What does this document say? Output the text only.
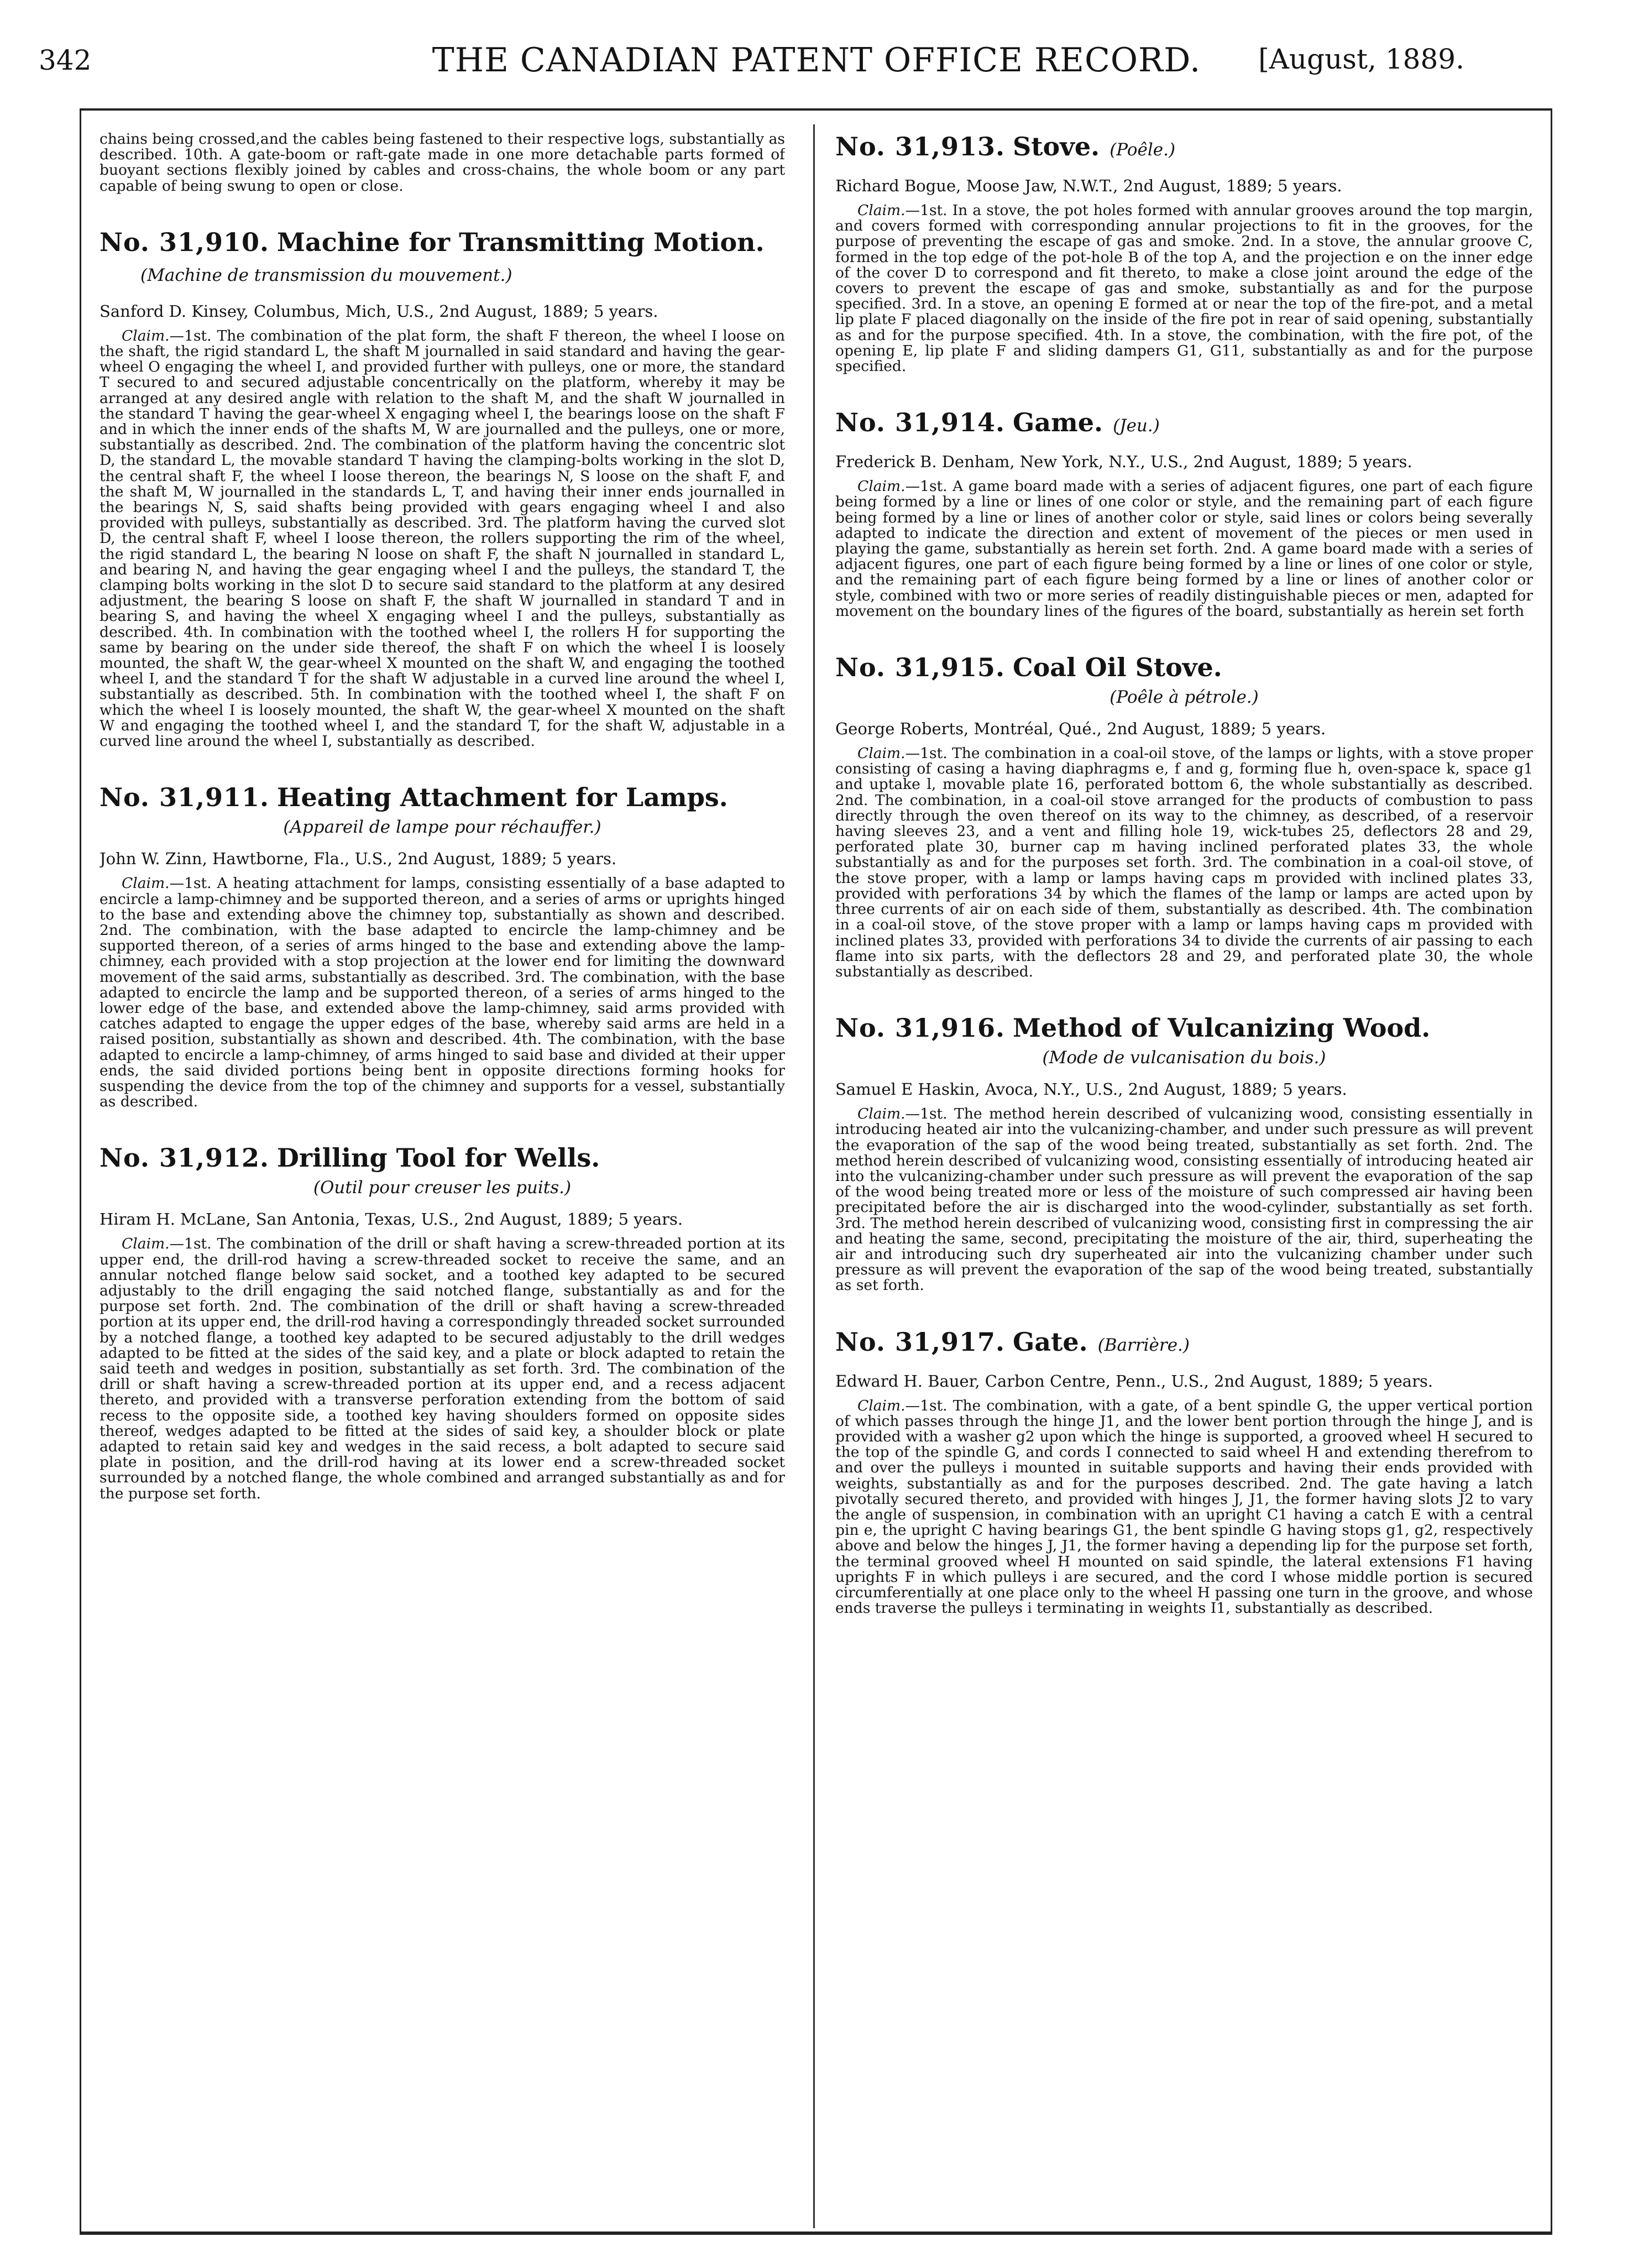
342	THE CANADIAN PATENT OFFICE RECORD.	[August, 1889.

chains being crossed,and the cables being fastened to their respective logs, substantially as described. 10th. A gate-boom or raft-gate made in one more detachable parts formed of buoyant sections flexibly joined by cables and cross-chains, the whole boom or any part capable of being swung to open or close.

No. 31,910. Machine for Transmitting Motion.(Machine de transmission du mouvement.)
Sanford D. Kinsey, Columbus, Mich, U.S., 2nd August, 1889; 5 years.

Claim.—1st. The combination of the plat form, the shaft F thereon, the wheel I loose on the shaft, the rigid standard L, the shaft M journalled in said standard and having the gear-wheel O engaging the wheel I, and provided further with pulleys, one or more, the standard T secured to and secured adjustable concentrically on the platform, whereby it may be arranged at any desired angle with relation to the shaft M, and the shaft W journalled in the standard T having the gear-wheel X engaging wheel I, the bearings loose on the shaft F and in which the inner ends of the shafts M, W are journalled and the pulleys, one or more, substantially as described. 2nd. The combination of the platform having the concentric slot D, the standard L, the movable standard T having the clamping-bolts working in the slot D, the central shaft F, the wheel I loose thereon, the bearings N, S loose on the shaft F, and the shaft M, W journalled in the standards L, T, and having their inner ends journalled in the bearings N, S, said shafts being provided with gears engaging wheel I and also provided with pulleys, substantially as described. 3rd. The platform having the curved slot D, the central shaft F, wheel I loose thereon, the rollers supporting the rim of the wheel, the rigid standard L, the bearing N loose on shaft F, the shaft N journalled in standard L, and bearing N, and having the gear engaging wheel I and the pulleys, the standard T, the clamping bolts working in the slot D to secure said standard to the platform at any desired adjustment, the bearing S loose on shaft F, the shaft W journalled in standard T and in bearing S, and having the wheel X engaging wheel I and the pulleys, substantially as described. 4th. In combination with the toothed wheel I, the rollers H for supporting the same by bearing on the under side thereof, the shaft F on which the wheel I is loosely mounted, the shaft W, the gear-wheel X mounted on the shaft W, and engaging the toothed wheel I, and the standard T for the shaft W adjustable in a curved line around the wheel I, substantially as described. 5th. In combination with the toothed wheel I, the shaft F on which the wheel I is loosely mounted, the shaft W, the gear-wheel X mounted on the shaft W and engaging the toothed wheel I, and the standard T, for the shaft W, adjustable in a curved line around the wheel I, substantially as described.

No. 31,911. Heating Attachment for Lamps.
(Appareil de lampe pour réchauffer.)
John W. Zinn, Hawtborne, Fla., U.S., 2nd August, 1889; 5 years.

Claim.—1st. A heating attachment for lamps, consisting essentially of a base adapted to encircle a lamp-chimney and be supported thereon, and a series of arms or uprights hinged to the base and extending above the chimney top, substantially as shown and described. 2nd. The combination, with the base adapted to encircle the lamp-chimney and be supported thereon, of a series of arms hinged to the base and extending above the lamp-chimney, each provided with a stop projection at the lower end for limiting the downward movement of the said arms, substantially as described. 3rd. The combination, with the base adapted to encircle the lamp and be supported thereon, of a series of arms hinged to the lower edge of the base, and extended above the lamp-chimney, said arms provided with catches adapted to engage the upper edges of the base, whereby said arms are held in a raised position, substantially as shown and described. 4th. The combination, with the base adapted to encircle a lamp-chimney, of arms hinged to said base and divided at their upper ends, the said divided portions being bent in opposite directions forming hooks for suspending the device from the top of the chimney and supports for a vessel, substantially as described.

No. 31,912. Drilling Tool for Wells.
(Outil pour creuser les puits.)
Hiram H. McLane, San Antonia, Texas, U.S., 2nd August, 1889; 5 years.

Claim.—1st. The combination of the drill or shaft having a screw-threaded portion at its upper end, the drill-rod having a screw-threaded socket to receive the same, and an annular notched flange below said socket, and a toothed key adapted to be secured adjustably to the drill engaging the said notched flange, substantially as and for the purpose set forth. 2nd. The combination of the drill or shaft having a screw-threaded portion at its upper end, the drill-rod having a correspondingly threaded socket surrounded by a notched flange, a toothed key adapted to be secured adjustably to the drill wedges adapted to be fitted at the sides of the said key, and a plate or block adapted to retain the said teeth and wedges in position, substantially as set forth. 3rd. The combination of the drill or shaft having a screw-threaded portion at its upper end, and a recess adjacent thereto, and provided with a transverse perforation extending from the bottom of said recess to the opposite side, a toothed key having shoulders formed on opposite sides thereof, wedges adapted to be fitted at the sides of said key, a shoulder block or plate adapted to retain said key and wedges in the said recess, a bolt adapted to secure said plate in position, and the drill-rod having at its lower end a screw-threaded socket surrounded by a notched flange, the whole combined and arranged substantially as and for the purpose set forth.

No. 31,913. Stove. (Poêle.)
Richard Bogue, Moose Jaw, N.W.T., 2nd August, 1889; 5 years.

Claim.—1st. In a stove, the pot holes formed with annular grooves around the top margin, and covers formed with corresponding annular projections to fit in the grooves, for the purpose of preventing the escape of gas and smoke. 2nd. In a stove, the annular groove C, formed in the top edge of the pot-hole B of the top A, and the projection e on the inner edge of the cover D to correspond and fit thereto, to make a close joint around the edge of the covers to prevent the escape of gas and smoke, substantially as and for the purpose specified. 3rd. In a stove, an opening E formed at or near the top of the fire-pot, and a metal lip plate F placed diagonally on the inside of the fire pot in rear of said opening, substantially as and for the purpose specified. 4th. In a stove, the combination, with the fire pot, of the opening E, lip plate F and sliding dampers G1, G11, substantially as and for the purpose specified.

No. 31,914. Game. (Jeu.)
Frederick B. Denham, New York, N.Y., U.S., 2nd August, 1889; 5 years.

Claim.—1st. A game board made with a series of adjacent figures, one part of each figure being formed by a line or lines of one color or style, and the remaining part of each figure being formed by a line or lines of another color or style, said lines or colors being severally adapted to indicate the direction and extent of movement of the pieces or men used in playing the game, substantially as herein set forth. 2nd. A game board made with a series of adjacent figures, one part of each figure being formed by a line or lines of one color or style, and the remaining part of each figure being formed by a line or lines of another color or style, combined with two or more series of readily distinguishable pieces or men, adapted for movement on the boundary lines of the figures of the board, substantially as herein set forth

No. 31,915. Coal Oil Stove.
(Poêle à pétrole.)
George Roberts, Montréal, Qué., 2nd August, 1889; 5 years.

Claim.—1st. The combination in a coal-oil stove, of the lamps or lights, with a stove proper consisting of casing a having diaphragms e, f and g, forming flue h, oven-space k, space g1 and uptake l, movable plate 16, perforated bottom 6, the whole substantially as described. 2nd. The combination, in a coal-oil stove arranged for the products of combustion to pass directly through the oven thereof on its way to the chimney, as described, of a reservoir having sleeves 23, and a vent and filling hole 19, wick-tubes 25, deflectors 28 and 29, perforated plate 30, burner cap m having inclined perforated plates 33, the whole substantially as and for the purposes set forth. 3rd. The combination in a coal-oil stove, of the stove proper, with a lamp or lamps having caps m provided with inclined plates 33, provided with perforations 34 by which the flames of the lamp or lamps are acted upon by three currents of air on each side of them, substantially as described. 4th. The combination in a coal-oil stove, of the stove proper with a lamp or lamps having caps m provided with inclined plates 33, provided with perforations 34 to divide the currents of air passing to each flame into six parts, with the deflectors 28 and 29, and perforated plate 30, the whole substantially as described.

No. 31,916. Method of Vulcanizing Wood.
(Mode de vulcanisation du bois.)
Samuel E Haskin, Avoca, N.Y., U.S., 2nd August, 1889; 5 years.

Claim.—1st. The method herein described of vulcanizing wood, consisting essentially in introducing heated air into the vulcanizing-chamber, and under such pressure as will prevent the evaporation of the sap of the wood being treated, substantially as set forth. 2nd. The method herein described of vulcanizing wood, consisting essentially of introducing heated air into the vulcanizing-chamber under such pressure as will prevent the evaporation of the sap of the wood being treated more or less of the moisture of such compressed air having been precipitated before the air is discharged into the wood-cylinder, substantially as set forth. 3rd. The method herein described of vulcanizing wood, consisting first in compressing the air and heating the same, second, precipitating the moisture of the air, third, superheating the air and introducing such dry superheated air into the vulcanizing chamber under such pressure as will prevent the evaporation of the sap of the wood being treated, substantially as set forth.

No. 31,917. Gate. (Barrière.)
Edward H. Bauer, Carbon Centre, Penn., U.S., 2nd August, 1889; 5 years.

Claim.—1st. The combination, with a gate, of a bent spindle G, the upper vertical portion of which passes through the hinge J1, and the lower bent portion through the hinge J, and is provided with a washer g2 upon which the hinge is supported, a grooved wheel H secured to the top of the spindle G, and cords I connected to said wheel H and extending therefrom to and over the pulleys i mounted in suitable supports and having their ends provided with weights, substantially as and for the purposes described. 2nd. The gate having a latch pivotally secured thereto, and provided with hinges J, J1, the former having slots J2 to vary the angle of suspension, in combination with an upright C1 having a catch E with a central pin e, the upright C having bearings G1, the bent spindle G having stops g1, g2, respectively above and below the hinges J, J1, the former having a depending lip for the purpose set forth, the terminal grooved wheel H mounted on said spindle, the lateral extensions F1 having uprights F in which pulleys i are secured, and the cord I whose middle portion is secured circumferentially at one place only to the wheel H passing one turn in the groove, and whose ends traverse the pulleys i terminating in weights I1, substantially as described.
